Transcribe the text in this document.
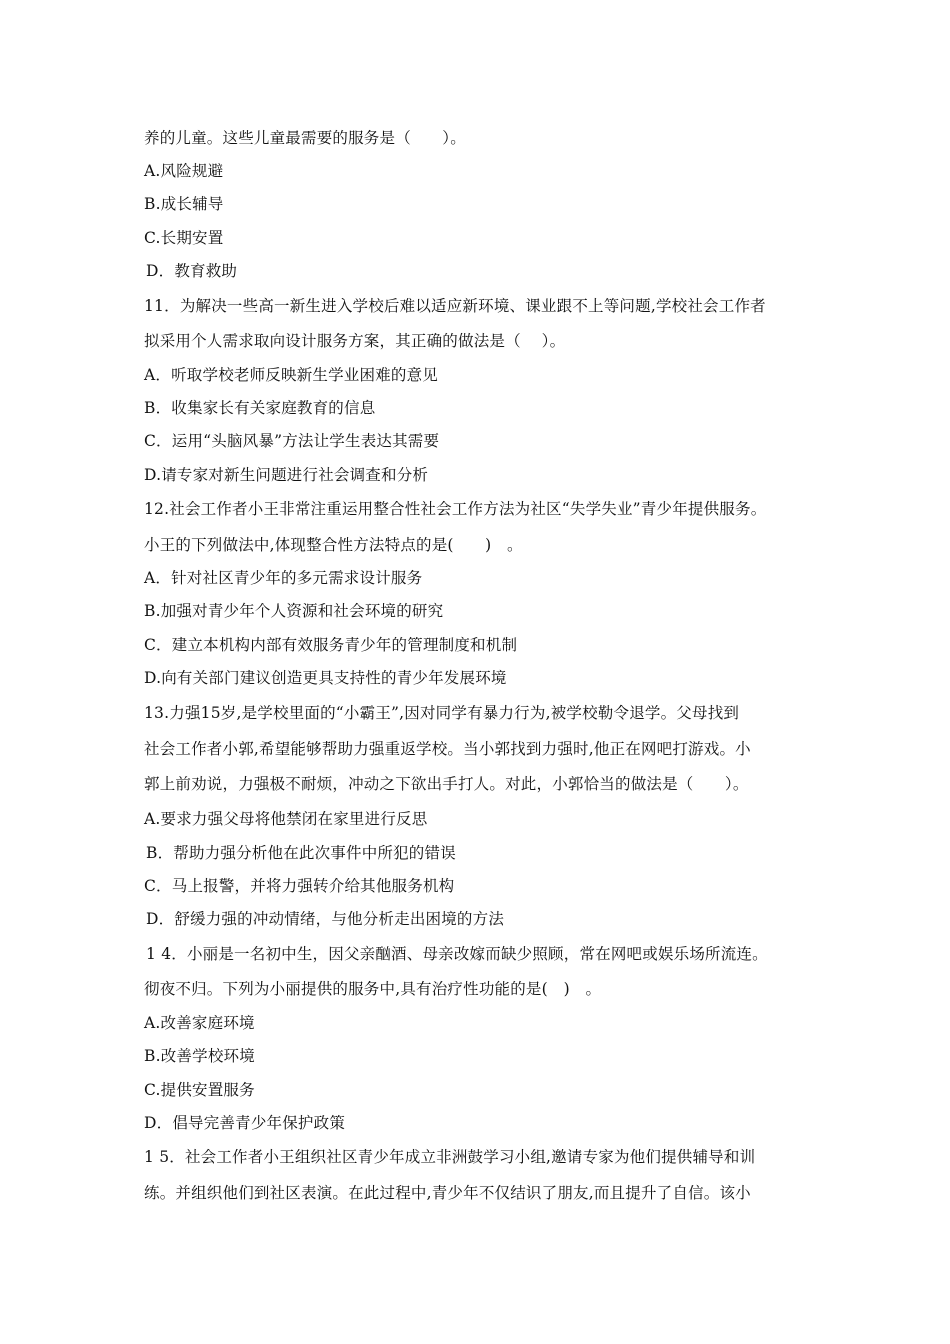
养的儿童。这些儿童最需要的服务是（　　）。
A.风险规避
B.成长辅导
C.长期安置
D．教育救助
11．为解决一些高一新生进入学校后难以适应新环境、课业跟不上等问题,学校社会工作者
拟采用个人需求取向设计服务方案，其正确的做法是（　 ）。
A．听取学校老师反映新生学业困难的意见
B．收集家长有关家庭教育的信息
C．运用“头脑风暴”方法让学生表达其需要
D.请专家对新生问题进行社会调查和分析
12.社会工作者小王非常注重运用整合性社会工作方法为社区“失学失业”青少年提供服务。
小王的下列做法中,体现整合性方法特点的是(　　)　。
A．针对社区青少年的多元需求设计服务
B.加强对青少年个人资源和社会环境的研究
C．建立本机构内部有效服务青少年的管理制度和机制
D.向有关部门建议创造更具支持性的青少年发展环境
13.力强15岁,是学校里面的“小霸王”,因对同学有暴力行为,被学校勒令退学。父母找到
社会工作者小郭,希望能够帮助力强重返学校。当小郭找到力强时,他正在网吧打游戏。小
郭上前劝说，力强极不耐烦，冲动之下欲出手打人。对此，小郭恰当的做法是（　　）。
A.要求力强父母将他禁闭在家里进行反思
B．帮助力强分析他在此次事件中所犯的错误
C．马上报警，并将力强转介给其他服务机构
D．舒缓力强的冲动情绪，与他分析走出困境的方法
1 4．小丽是一名初中生，因父亲酗酒、母亲改嫁而缺少照顾，常在网吧或娱乐场所流连。
彻夜不归。下列为小丽提供的服务中,具有治疗性功能的是(　)　。
A.改善家庭环境
B.改善学校环境
C.提供安置服务
D．倡导完善青少年保护政策
1 5．社会工作者小王组织社区青少年成立非洲鼓学习小组,邀请专家为他们提供辅导和训
练。并组织他们到社区表演。在此过程中,青少年不仅结识了朋友,而且提升了自信。该小
